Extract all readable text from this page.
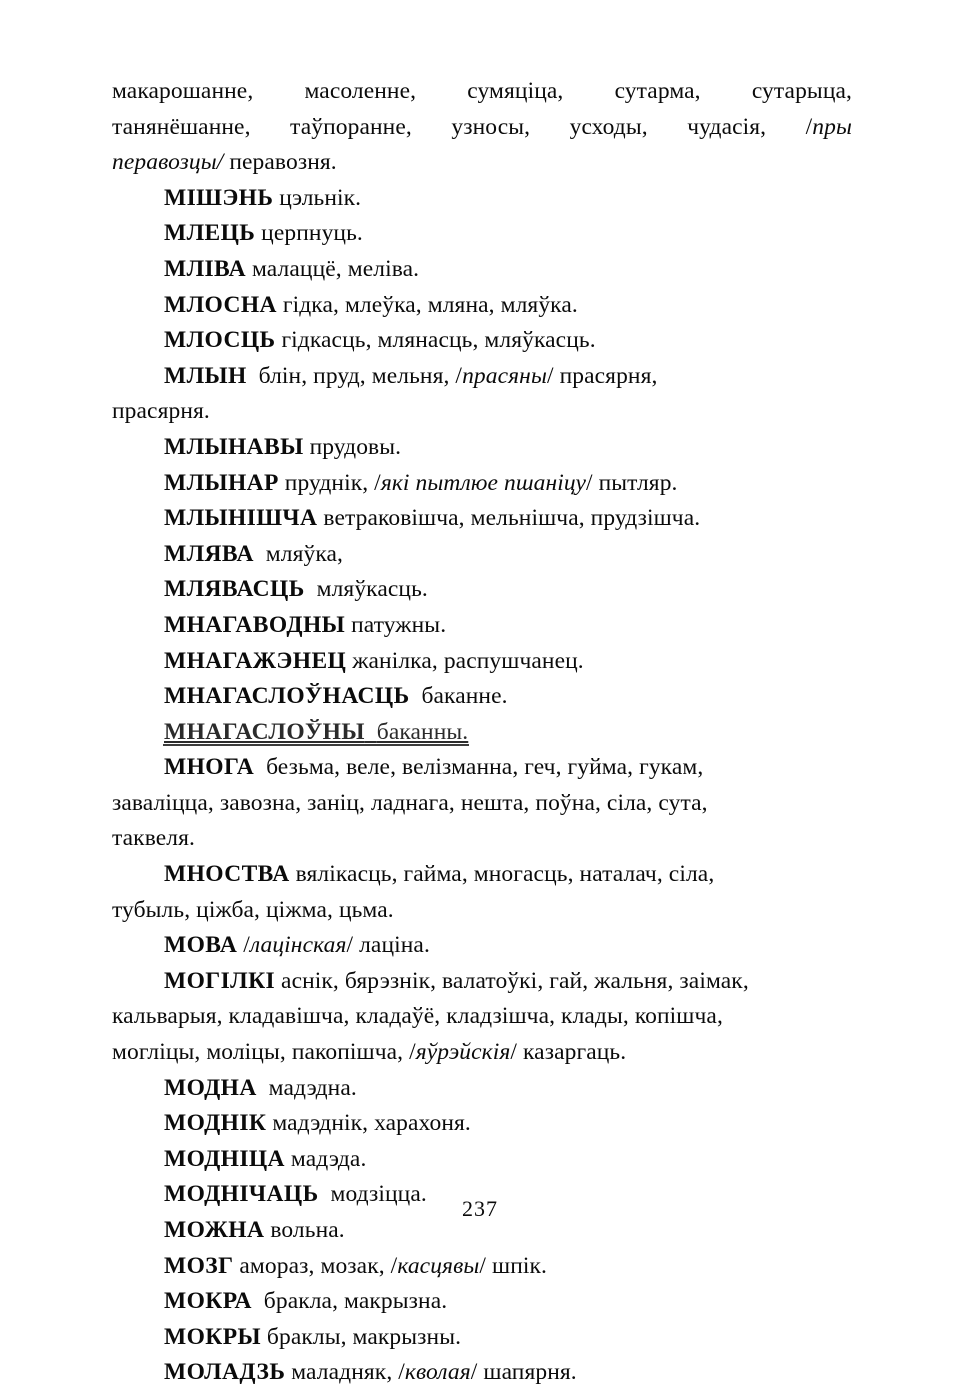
макарошанне, масоленне, сумяціца, сутарма, сутарыца,
танянёшанне, таўпоранне, узносы, усходы, чудасія, /пры
перавозцы/ перавозня.
МІШЭНЬ цэльнік.
МЛЕЦЬ церпнуць.
МЛІВА малаццё, меліва.
МЛОСНА гідка, млеўка, мляна, мляўка.
МЛОСЦЬ гідкасць, млянасць, мляўкасць.
МЛЫН блін, пруд, мельня, /прасяны/ прасярня,
прасярня.
МЛЫНАВЫ прудовы.
МЛЫНАР пруднік, /які пытлюе пшаніцу/ пытляр.
МЛЫНІШЧА ветраковішча, мельнішча, прудзішча.
МЛЯВА мляўка,
МЛЯВАСЦЬ мляўкасць.
МНАГАВОДНЫ патужны.
МНАГАЖЭНЕЦ жанілка, распушчанец.
МНАГАСЛОЎНАСЦЬ баканне.
МНАГАСЛОЎНЫ баканны.
МНОГА безьма, веле, велізманна, геч, гуйма, гукам,
заваліцца, завозна, заніц, ладнага, нешта, поўна, сіла, сута,
таквеля.
МНОСТВА вялікасць, гайма, многасць, наталач, сіла,
тубыль, ціжба, ціжма, цьма.
МОВА /лацінская/ лаціна.
МОГІЛКІ аснік, бярэзнік, валатоўкі, гай, жальня, заімак,
кальварыя, кладавішча, кладаўё, кладзішча, клады, копішча,
могліцы, моліцы, пакопішча, /яўрэйскія/ казаргаць.
МОДНА мадэдна.
МОДНІК мадэднік, харахоня.
МОДНІЦА мадэда.
МОДНІЧАЦЬ модзіцца.
МОЖНА вольна.
МОЗГ амораз, мозак, /касцявы/ шпік.
МОКРА бракла, макрызна.
МОКРЫ браклы, макрызны.
МОЛАДЗЬ маладняк, /кволая/ шапярня.
237
